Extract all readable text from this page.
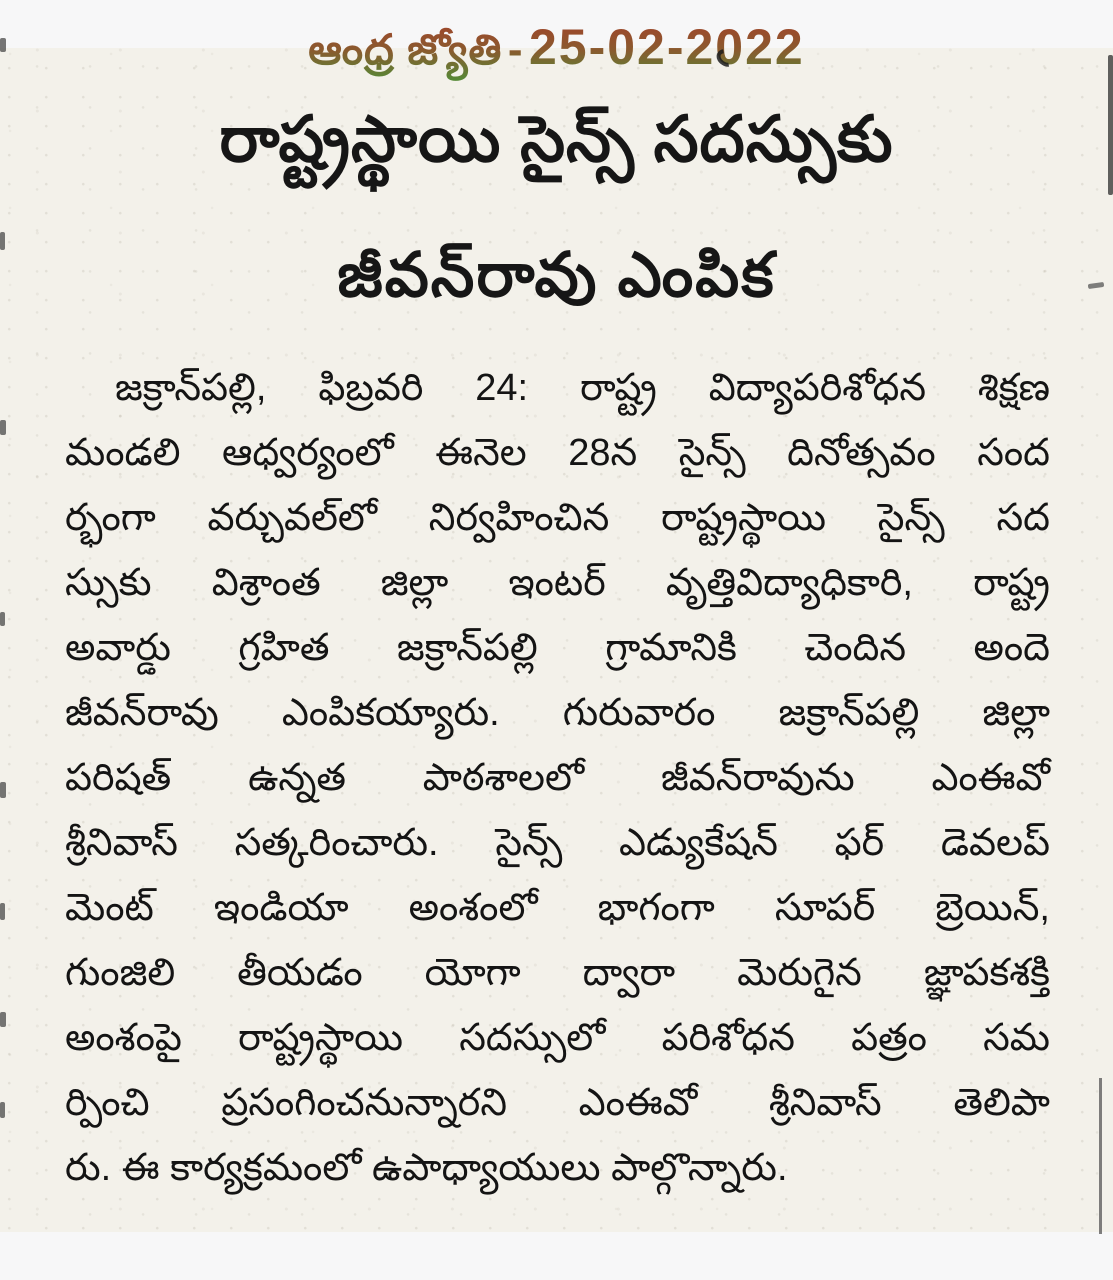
ఆంధ్ర జ్యోతి - 25-02-2022
రాష్ట్రస్థాయి సైన్స్ సదస్సుకు
జీవన్‌రావు ఎంపిక
జక్రాన్‌పల్లి, ఫిబ్రవరి 24: రాష్ట్ర విద్యాపరిశోధన శిక్షణ
మండలి ఆధ్వర్యంలో ఈనెల 28న సైన్స్ దినోత్సవం సంద
ర్భంగా వర్చువల్‌లో నిర్వహించిన రాష్ట్రస్థాయి సైన్స్ సద
స్సుకు విశ్రాంత జిల్లా ఇంటర్ వృత్తివిద్యాధికారి, రాష్ట్ర
అవార్డు గ్రహిత జక్రాన్‌పల్లి గ్రామానికి చెందిన అందె
జీవన్‌రావు ఎంపికయ్యారు. గురువారం జక్రాన్‌పల్లి జిల్లా
పరిషత్ ఉన్నత పాఠశాలలో జీవన్‌రావును ఎంఈవో
శ్రీనివాస్ సత్కరించారు. సైన్స్ ఎడ్యుకేషన్ ఫర్ డెవలప్
మెంట్ ఇండియా అంశంలో భాగంగా సూపర్ బ్రెయిన్,
గుంజిలి తీయడం యోగా ద్వారా మెరుగైన జ్ఞాపకశక్తి
అంశంపై రాష్ట్రస్థాయి సదస్సులో పరిశోధన పత్రం సమ
ర్పించి ప్రసంగించనున్నారని ఎంఈవో శ్రీనివాస్ తెలిపా
రు. ఈ కార్యక్రమంలో ఉపాధ్యాయులు పాల్గొన్నారు.
